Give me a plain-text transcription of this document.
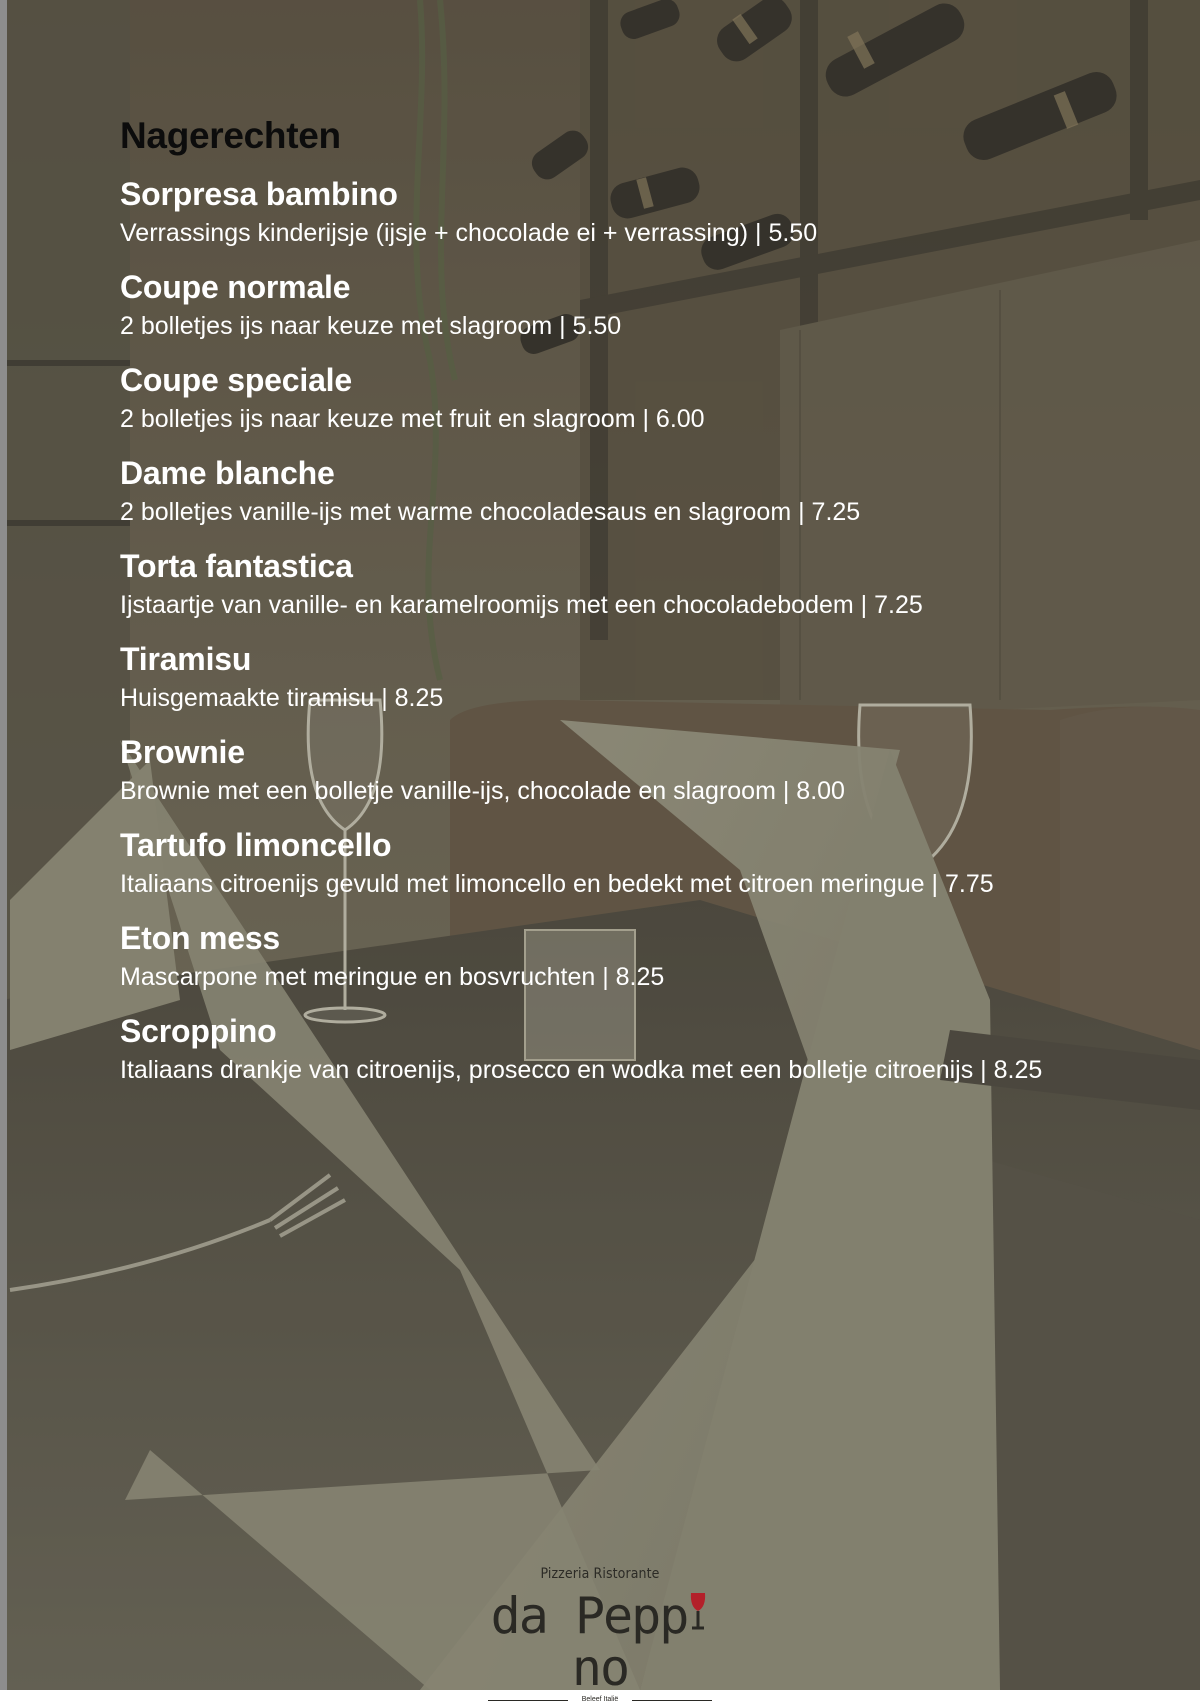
Nagerechten
Sorpresa bambino
Verrassings kinderijsje (ijsje + chocolade ei + verrassing) | 5.50
Coupe normale
2 bolletjes ijs naar keuze met slagroom | 5.50
Coupe speciale
2 bolletjes ijs naar keuze met fruit en slagroom | 6.00
Dame blanche
2 bolletjes vanille-ijs met warme chocoladesaus en slagroom | 7.25
Torta fantastica
Ijstaartje van vanille- en karamelroomijs met een chocoladebodem | 7.25
Tiramisu
Huisgemaakte tiramisu | 8.25
Brownie
Brownie met een bolletje vanille-ijs, chocolade en slagroom | 8.00
Tartufo limoncello
Italiaans citroenijs gevuld met limoncello en bedekt met citroen meringue | 7.75
Eton mess
Mascarpone met meringue en bosvruchten | 8.25
Scroppino
Italiaans drankje van citroenijs, prosecco en wodka met een bolletje citroenijs | 8.25
Pizzeria Ristorante
da Peppno
Beleef Italië
